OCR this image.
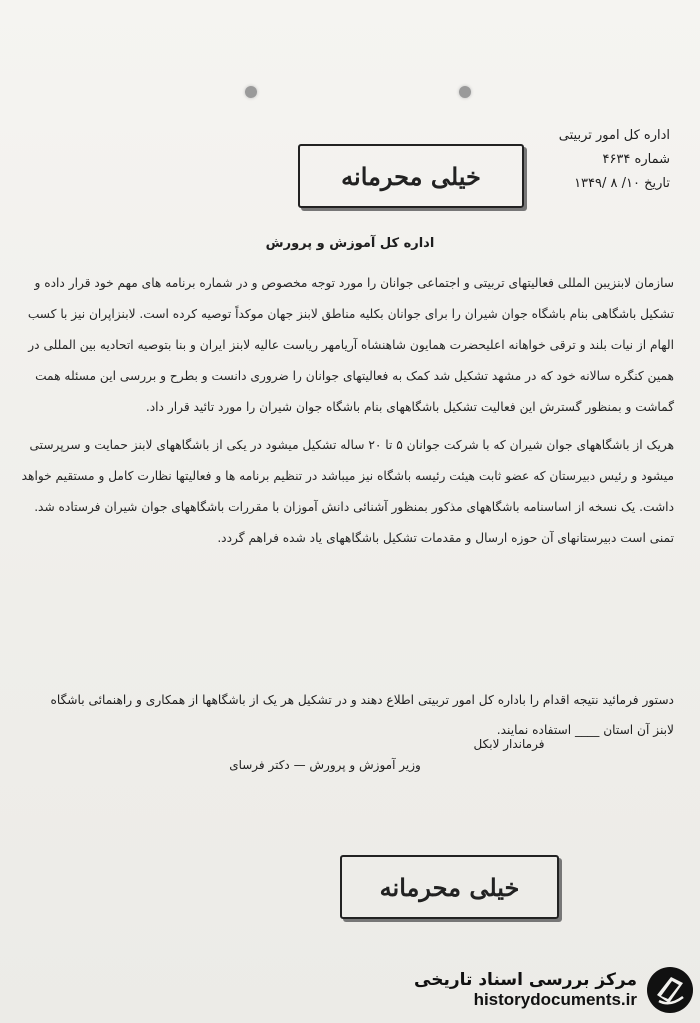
اداره کل امور تربیتی
شماره ۴۶۳۴
تاریخ ۱۰/ ۸ /۱۳۴۹
خیلی محرمانه
اداره کل آموزش و پرورش

سازمان لابنزیبن المللی فعالیتهای تربیتی و اجتماعی جوانان را مورد توجه مخصوص و در شماره برنامه های مهم خود قرار داده و تشکیل باشگاهی بنام باشگاه جوان شیران را برای جوانان بکلیه مناطق لابنز جهان موکداً توصیه کرده است. لابنزاپران نیز با کسب الهام از نیات بلند و ترقی خواهانه اعلیحضرت همایون شاهنشاه آریامهر ریاست عالیه لابنز ایران و بنا بتوصیه اتحادیه بین المللی در همین کنگره سالانه خود که در مشهد تشکیل شد کمک به فعالیتهای جوانان را ضروری دانست و بطرح و بررسی این مسئله همت گماشت و بمنظور گسترش این فعالیت تشکیل باشگاههای بنام باشگاه جوان شیران را مورد تائید قرار داد.

هریک از باشگاههای جوان شیران که با شرکت جوانان ۵ تا ۲۰ ساله تشکیل میشود در یکی از باشگاههای لابنز حمایت و سرپرستی میشود و رئیس دبیرستان که عضو ثابت هیئت رئیسه باشگاه نیز میباشد در تنظیم برنامه ها و فعالیتها نظارت کامل و مستقیم خواهد داشت. یک نسخه از اساسنامه باشگاههای مذکور بمنظور آشنائی دانش آموزان با مقررات باشگاههای جوان شیران فرستاده شد. تمنی است دبیرستانهای آن حوزه ارسال و مقدمات تشکیل باشگاههای یاد شده فراهم گردد.

دستور فرمائید نتیجه اقدام را باداره کل امور تربیتی اطلاع دهند و در تشکیل هر یک از باشگاهها از همکاری و راهنمائی باشگاه لابنز آن استان ____ استفاده نمایند.
فرماندار لابکل
وزیر آموزش و پرورش — دکتر فرسای
خیلی محرمانه
مرکز بررسی اسناد تاریخی
historydocuments.ir
